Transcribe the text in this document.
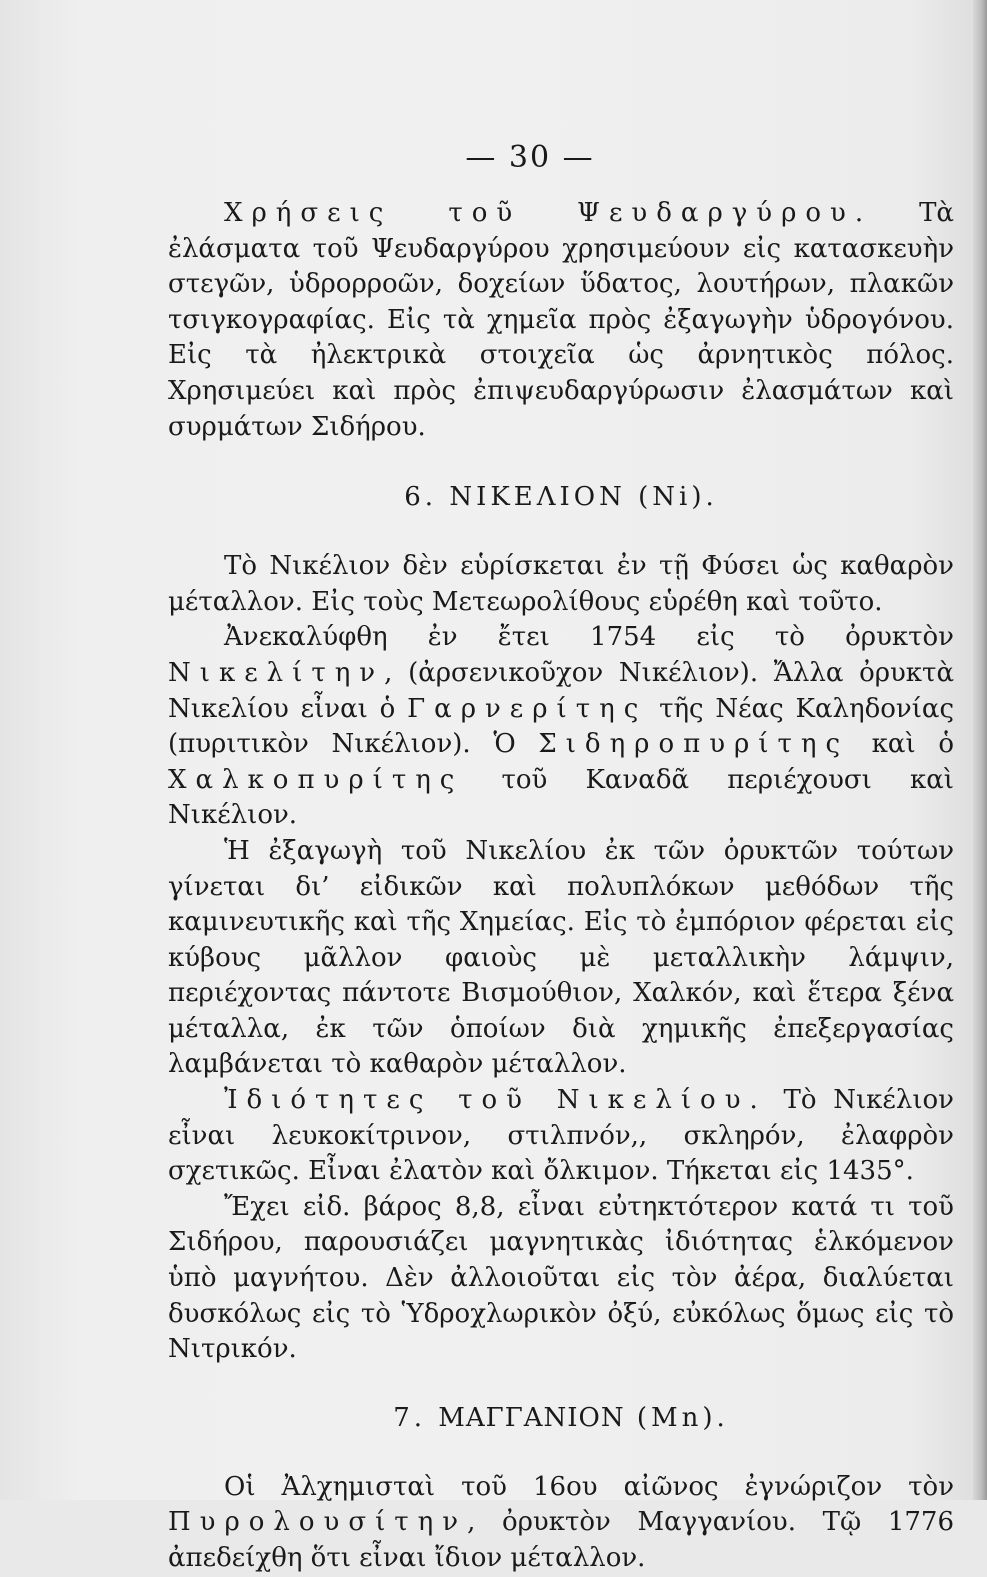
— 30 —

Χρήσεις τοῦ Ψευδαργύρου. Τὰ ἐλάσματα τοῦ Ψευδαργύρου χρησιμεύουν εἰς κατασκευὴν στεγῶν, ὑδρορροῶν, δοχείων ὕδατος, λουτήρων, πλακῶν τσιγκογραφίας. Εἰς τὰ χημεῖα πρὸς ἐξαγωγὴν ὑδρογόνου. Εἰς τὰ ἠλεκτρικὰ στοιχεῖα ὡς ἀρνητικὸς πόλος. Χρησιμεύει καὶ πρὸς ἐπιψευδαργύρωσιν ἐλασμάτων καὶ συρμάτων Σιδήρου.

6. ΝΙΚΕΛΙΟΝ (Ni).

Τὸ Νικέλιον δὲν εὑρίσκεται ἐν τῇ Φύσει ὡς καθαρὸν μέταλλον. Εἰς τοὺς Μετεωρολίθους εὑρέθη καὶ τοῦτο.

Ἀνεκαλύφθη ἐν ἔτει 1754 εἰς τὸ ὀρυκτὸν Νικελίτην, (ἀρσενικοῦχον Νικέλιον). Ἄλλα ὀρυκτὰ Νικελίου εἶναι ὁ Γαρνερίτης τῆς Νέας Καληδονίας (πυριτικὸν Νικέλιον). Ὁ Σιδηροπυρίτης καὶ ὁ Χαλκοπυρίτης τοῦ Καναδᾶ περιέχουσι καὶ Νικέλιον.

Ἡ ἐξαγωγὴ τοῦ Νικελίου ἐκ τῶν ὀρυκτῶν τούτων γίνεται δι’ εἰδικῶν καὶ πολυπλόκων μεθόδων τῆς καμινευτικῆς καὶ τῆς Χημείας. Εἰς τὸ ἐμπόριον φέρεται εἰς κύβους μᾶλλον φαιοὺς μὲ μεταλλικὴν λάμψιν, περιέχοντας πάντοτε Βισμούθιον, Χαλκόν, καὶ ἕτερα ξένα μέταλλα, ἐκ τῶν ὁποίων διὰ χημικῆς ἐπεξεργασίας λαμβάνεται τὸ καθαρὸν μέταλλον.

Ἰδιότητες τοῦ Νικελίου. Τὸ Νικέλιον εἶναι λευκοκίτρινον, στιλπνόν,, σκληρόν, ἐλαφρὸν σχετικῶς. Εἶναι ἐλατὸν καὶ ὄλκιμον. Τήκεται εἰς 1435°.

Ἔχει εἰδ. βάρος 8,8, εἶναι εὐτηκτότερον κατά τι τοῦ Σιδήρου, παρουσιάζει μαγνητικὰς ἰδιότητας ἑλκόμενον ὑπὸ μαγνήτου. Δὲν ἀλλοιοῦται εἰς τὸν ἀέρα, διαλύεται δυσκόλως εἰς τὸ Ὑδροχλωρικὸν ὀξύ, εὐκόλως ὅμως εἰς τὸ Νιτρικόν.

7. ΜΑΓΓΑΝΙΟΝ (Mn).

Οἱ Ἀλχημισταὶ τοῦ 16ου αἰῶνος ἐγνώριζον τὸν Πυρολουσίτην, ὀρυκτὸν Μαγγανίου. Τῷ 1776 ἀπεδείχθη ὅτι εἶναι ἴδιον μέταλλον.
